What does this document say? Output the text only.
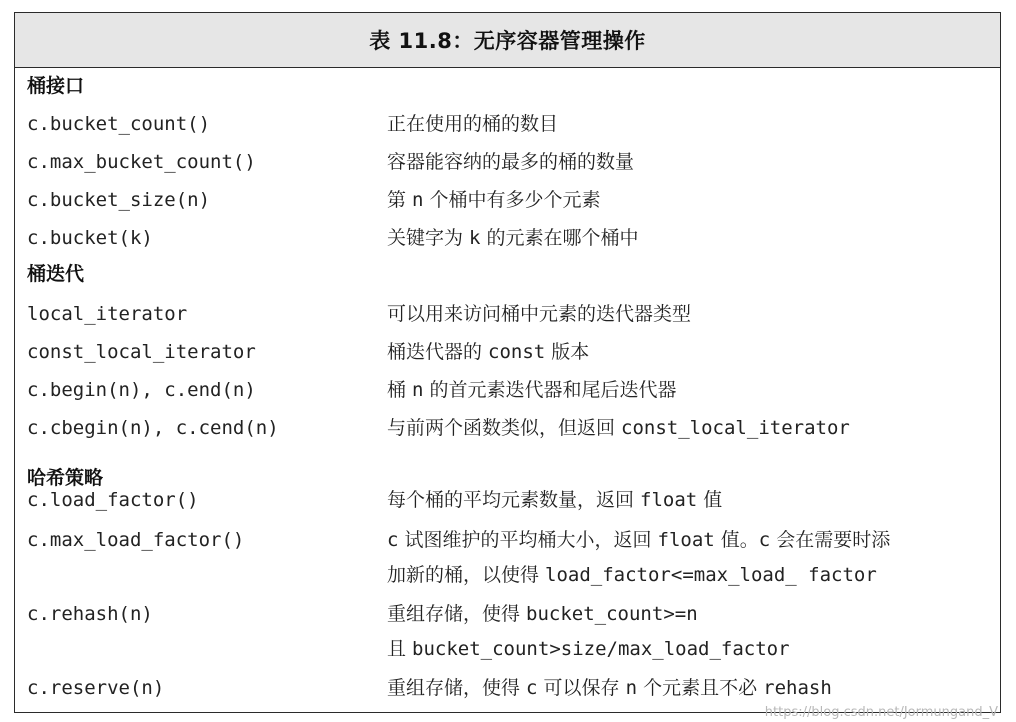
表 11.8：无序容器管理操作
桶接口
c.bucket_count()	正在使用的桶的数目
c.max_bucket_count()	容器能容纳的最多的桶的数量
c.bucket_size(n)	第 n 个桶中有多少个元素
c.bucket(k)	关键字为 k 的元素在哪个桶中
桶迭代
local_iterator	可以用来访问桶中元素的迭代器类型
const_local_iterator	桶迭代器的 const 版本
c.begin(n), c.end(n)	桶 n 的首元素迭代器和尾后迭代器
c.cbegin(n), c.cend(n)	与前两个函数类似，但返回 const_local_iterator
哈希策略
c.load_factor()	每个桶的平均元素数量，返回 float 值
c.max_load_factor()	c 试图维护的平均桶大小，返回 float 值。c 会在需要时添
加新的桶，以使得 load_factor<=max_load_ factor
c.rehash(n)	重组存储，使得 bucket_count>=n
且 bucket_count>size/max_load_factor
c.reserve(n)	重组存储，使得 c 可以保存 n 个元素且不必 rehash
https://blog.csdn.net/Jormungand_V
